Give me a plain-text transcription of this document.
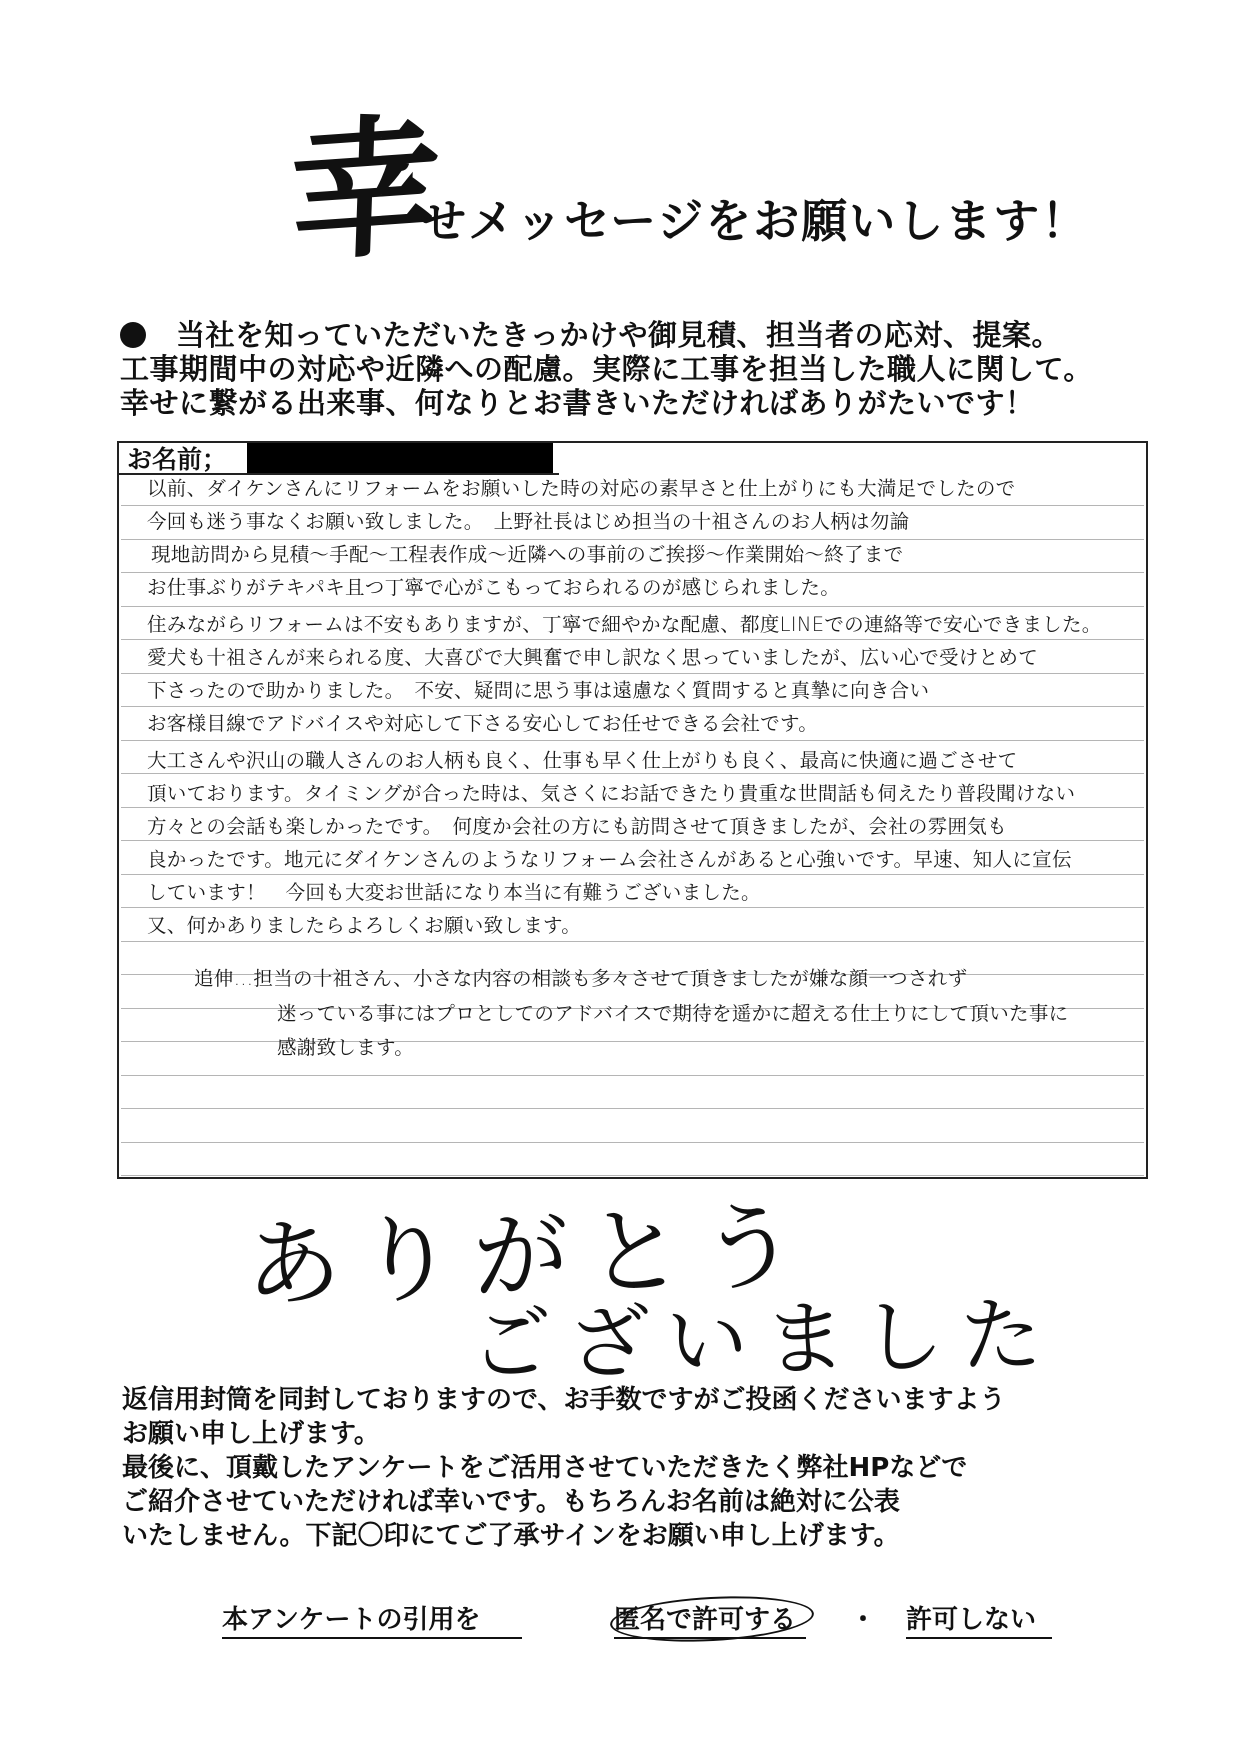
幸
せメッセージをお願いします！
当社を知っていただいたきっかけや御見積、担当者の応対、提案。
工事期間中の対応や近隣への配慮。実際に工事を担当した職人に関して。
幸せに繋がる出来事、何なりとお書きいただければありがたいです！
お名前；
以前、ダイケンさんにリフォームをお願いした時の対応の素早さと仕上がりにも大満足でしたので
今回も迷う事なくお願い致しました。　上野社長はじめ担当の十祖さんのお人柄は勿論
現地訪問から見積～手配～工程表作成～近隣への事前のご挨拶～作業開始～終了まで
お仕事ぶりがテキパキ且つ丁寧で心がこもっておられるのが感じられました。
住みながらリフォームは不安もありますが、丁寧で細やかな配慮、都度LINEでの連絡等で安心できました。
愛犬も十祖さんが来られる度、大喜びで大興奮で申し訳なく思っていましたが、広い心で受けとめて
下さったので助かりました。　不安、疑問に思う事は遠慮なく質問すると真摯に向き合い
お客様目線でアドバイスや対応して下さる安心してお任せできる会社です。
大工さんや沢山の職人さんのお人柄も良く、仕事も早く仕上がりも良く、最高に快適に過ごさせて
頂いております。タイミングが合った時は、気さくにお話できたり貴重な世間話も伺えたり普段聞けない
方々との会話も楽しかったです。　何度か会社の方にも訪問させて頂きましたが、会社の雰囲気も
良かったです。地元にダイケンさんのようなリフォーム会社さんがあると心強いです。早速、知人に宣伝
しています！　今回も大変お世話になり本当に有難うございました。
又、何かありましたらよろしくお願い致します。
追伸…担当の十祖さん、小さな内容の相談も多々させて頂きましたが嫌な顔一つされず
迷っている事にはプロとしてのアドバイスで期待を遥かに超える仕上りにして頂いた事に
感謝致します。
ありがとう
ございました
返信用封筒を同封しておりますので、お手数ですがご投函くださいますよう
お願い申し上げます。
最後に、頂戴したアンケートをご活用させていただきたく弊社HPなどで
ご紹介させていただければ幸いです。もちろんお名前は絶対に公表
いたしません。下記〇印にてご了承サインをお願い申し上げます。
本アンケートの引用を	匿名で許可する ・ 許可しない
